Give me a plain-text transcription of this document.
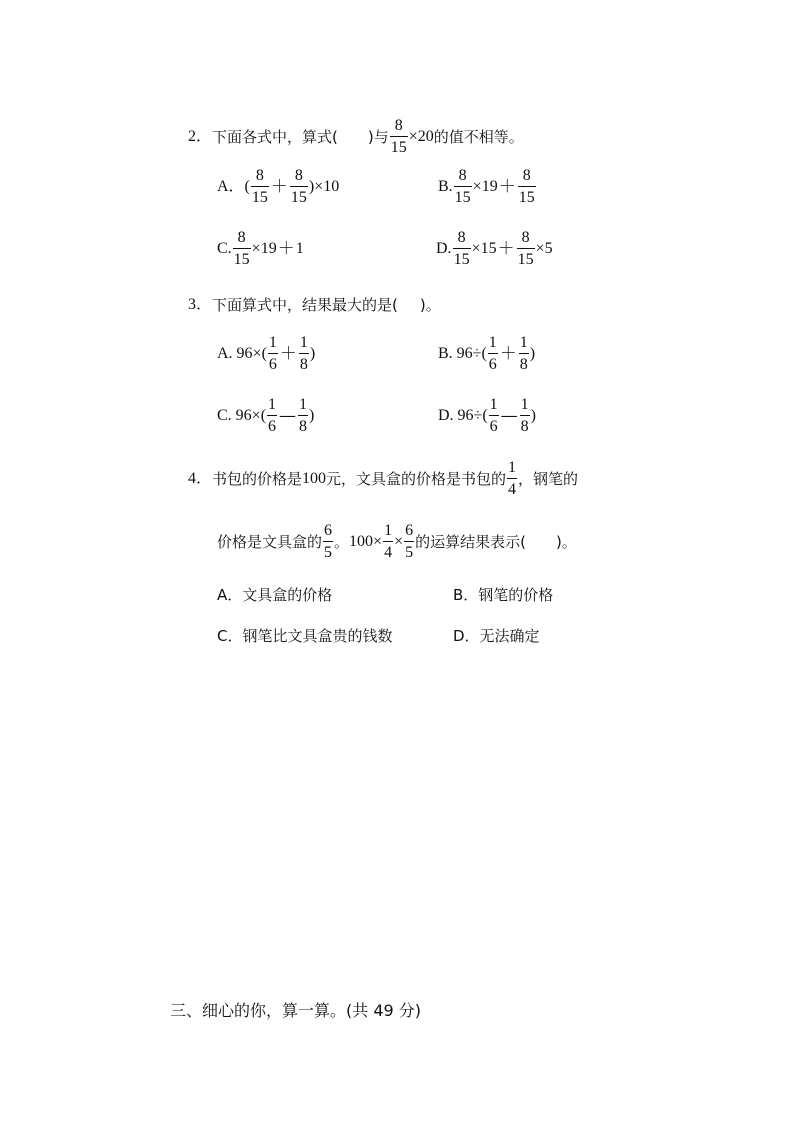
2． 下面各式中，算式( )与 $\frac{8}{15} \times 20$ 的值不相等。
A．( $\frac{8}{15} + \frac{8}{15} )\times 10$	B. $\frac{8}{15} \times 19 + \frac{8}{15}$
C. $\frac{8}{15} \times 19 + 1$	D. $\frac{8}{15} \times 15 + \frac{8}{15} \times 5$
3． 下面算式中，结果最大的是( )。
A. $96\times( \frac{1}{6} + \frac{1}{8}$ )	B. $96\div( \frac{1}{6} + \frac{1}{8}$ )
C. $96\times( \frac{1}{6}$ — $\frac{1}{8}$ )	D. $96\div( \frac{1}{6}$ — $\frac{1}{8}$ )
4． 书包的价格是 100 元，文具盒的价格是书包的 $\frac{1}{4}$ ，钢笔的
价格是文具盒的 $\frac{6}{5}$ 。 $100\times \frac{1}{4} \times \frac{6}{5}$ 的运算结果表示( )。
A．文具盒的价格	B．钢笔的价格
C．钢笔比文具盒贵的钱数	D．无法确定
三、细心的你，算一算。(共 49 分)
